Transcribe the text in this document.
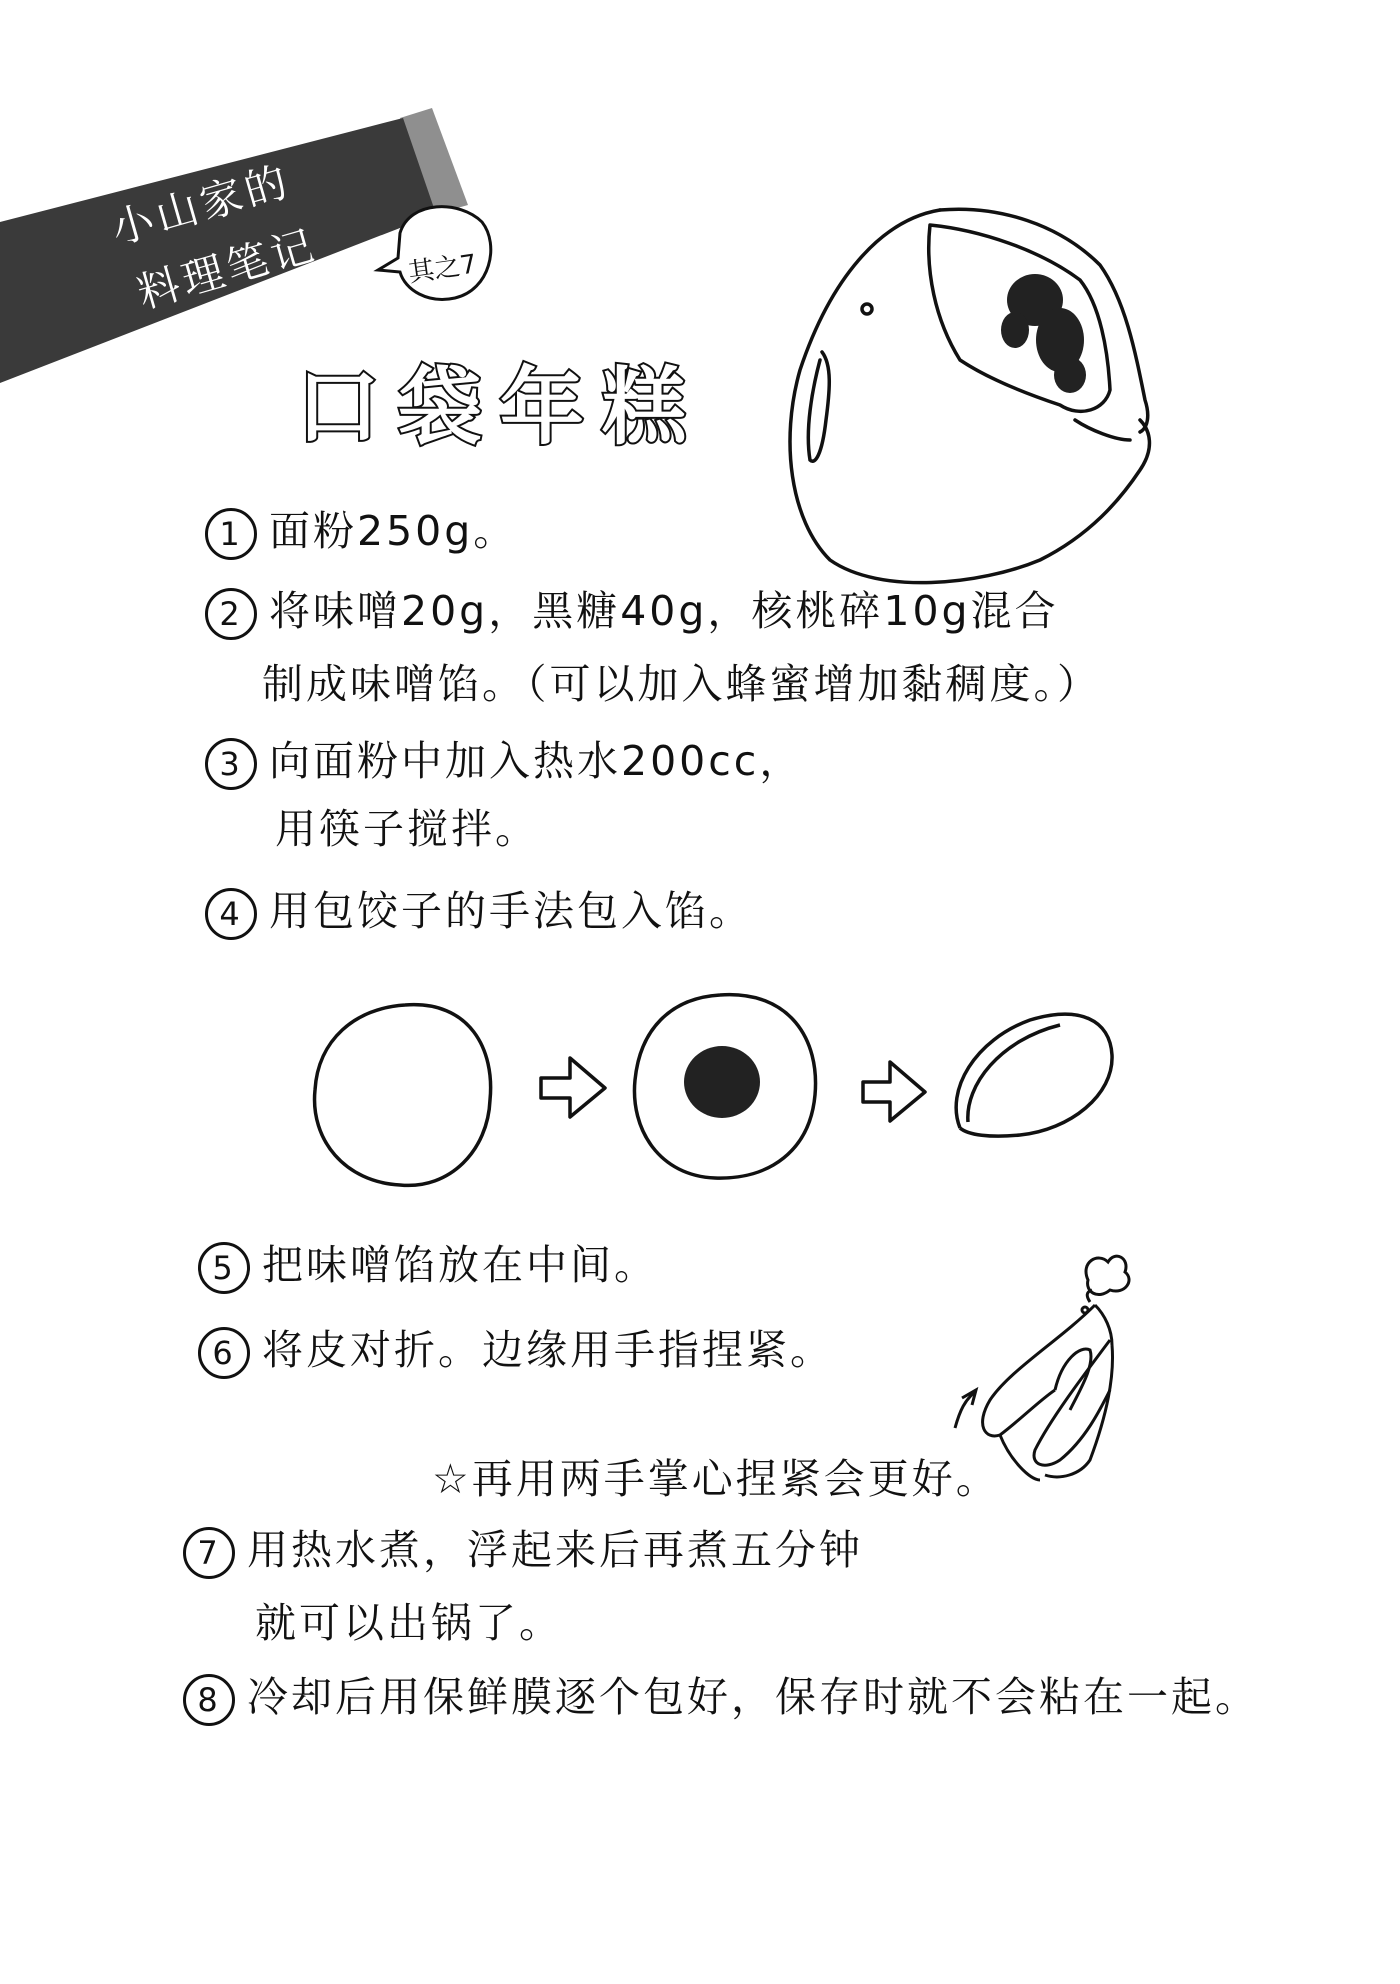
小山家的
料理笔记	其之7
口袋年糕
1 面粉250g。
2 将味噌20g，黑糖40g，核桃碎10g混合
制成味噌馅。（可以加入蜂蜜增加黏稠度。）
3 向面粉中加入热水200cc，
用筷子搅拌。
4 用包饺子的手法包入馅。
5 把味噌馅放在中间。
6 将皮对折。边缘用手指捏紧。
☆再用两手掌心捏紧会更好。
7 用热水煮，浮起来后再煮五分钟
就可以出锅了。
8 冷却后用保鲜膜逐个包好，保存时就不会粘在一起。
